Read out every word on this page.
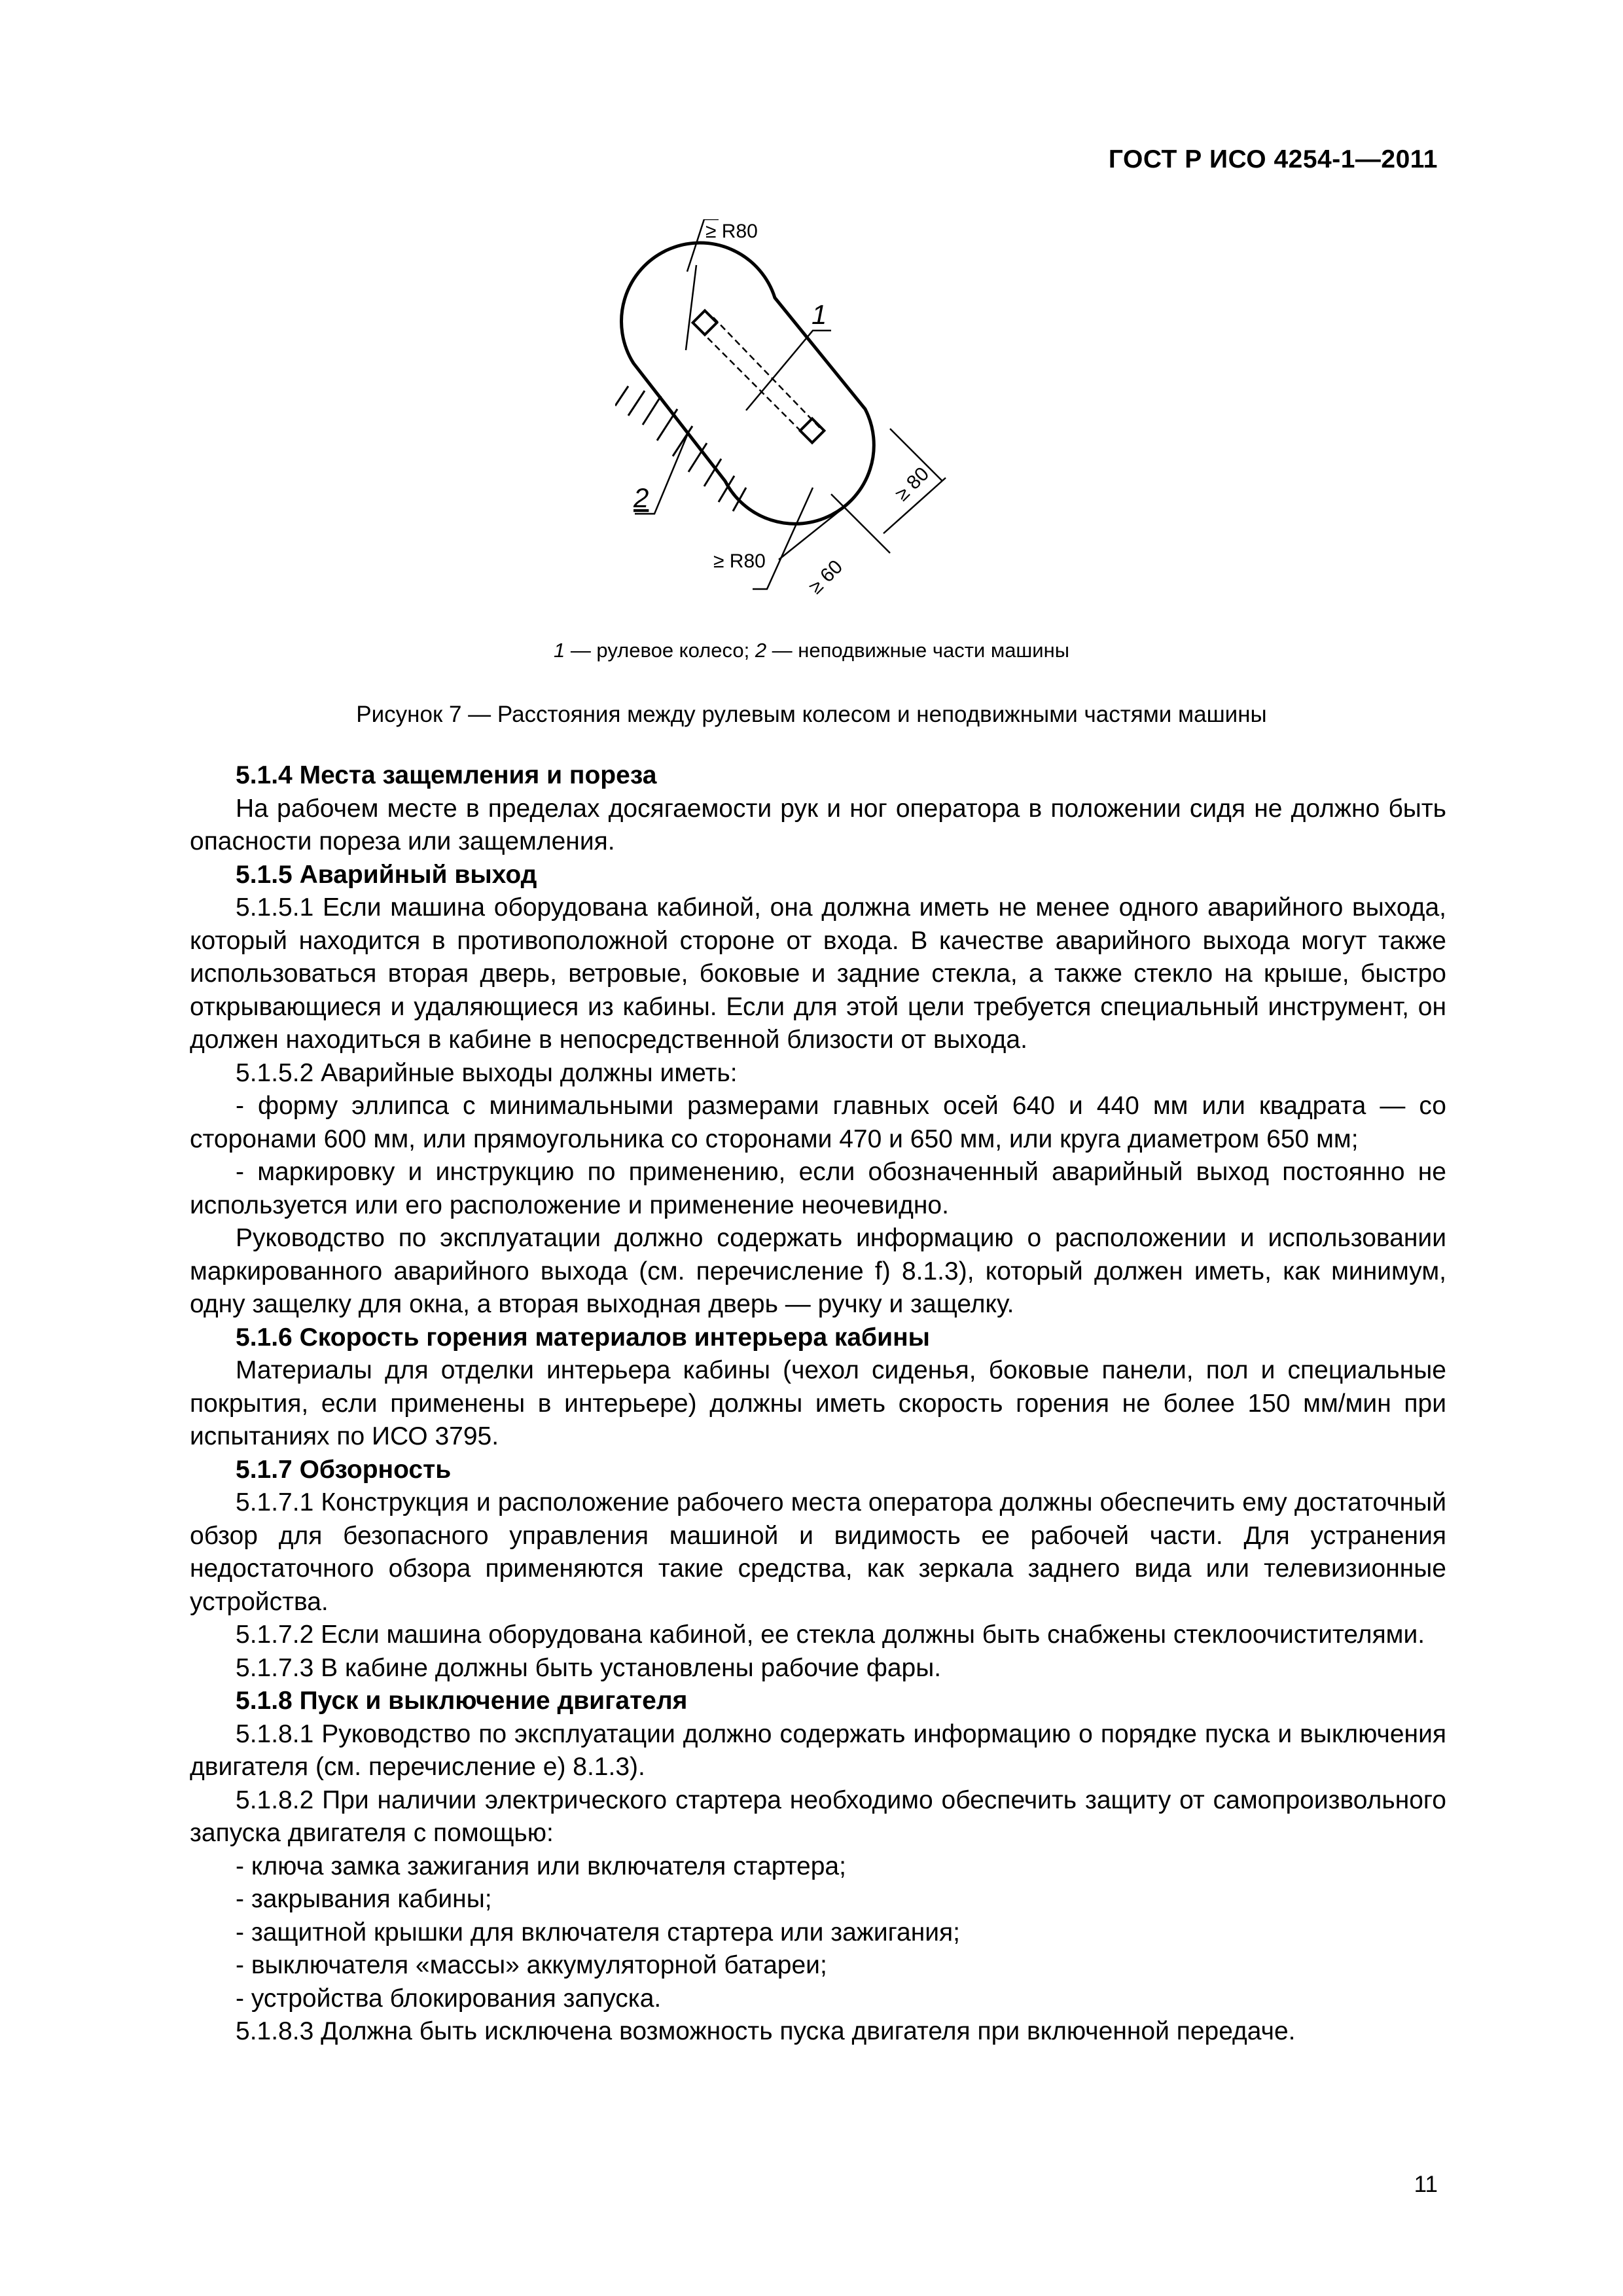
ГОСТ Р ИСО 4254-1—2011
≥ R80
1
2
≥ R80
≥ 80
≥ 60
1 — рулевое колесо; 2 — неподвижные части машины
Рисунок 7 — Расстояния между рулевым колесом и неподвижными частями машины

5.1.4 Места защемления и пореза

На рабочем месте в пределах досягаемости рук и ног оператора в положении сидя не должно быть опасности пореза или защемления.

5.1.5 Аварийный выход

5.1.5.1 Если машина оборудована кабиной, она должна иметь не менее одного аварийного выхода, который находится в противоположной стороне от входа. В качестве аварийного выхода могут также использоваться вторая дверь, ветровые, боковые и задние стекла, а также стекло на крыше, быстро открывающиеся и удаляющиеся из кабины. Если для этой цели требуется специальный инструмент, он должен находиться в кабине в непосредственной близости от выхода.

5.1.5.2 Аварийные выходы должны иметь:

- форму эллипса с минимальными размерами главных осей 640 и 440 мм или квадрата — со сторонами 600 мм, или прямоугольника со сторонами 470 и 650 мм, или круга диаметром 650 мм;

- маркировку и инструкцию по применению, если обозначенный аварийный выход постоянно не используется или его расположение и применение неочевидно.

Руководство по эксплуатации должно содержать информацию о расположении и использовании маркированного аварийного выхода (см. перечисление f) 8.1.3), который должен иметь, как минимум, одну защелку для окна, а вторая выходная дверь — ручку и защелку.

5.1.6 Скорость горения материалов интерьера кабины

Материалы для отделки интерьера кабины (чехол сиденья, боковые панели, пол и специальные покрытия, если применены в интерьере) должны иметь скорость горения не более 150 мм/мин при испытаниях по ИСО 3795.

5.1.7 Обзорность

5.1.7.1 Конструкция и расположение рабочего места оператора должны обеспечить ему достаточный обзор для безопасного управления машиной и видимость ее рабочей части. Для устранения недостаточного обзора применяются такие средства, как зеркала заднего вида или телевизионные устройства.

5.1.7.2 Если машина оборудована кабиной, ее стекла должны быть снабжены стеклоочистителями.

5.1.7.3 В кабине должны быть установлены рабочие фары.

5.1.8 Пуск и выключение двигателя

5.1.8.1 Руководство по эксплуатации должно содержать информацию о порядке пуска и выключения двигателя (см. перечисление e) 8.1.3).

5.1.8.2 При наличии электрического стартера необходимо обеспечить защиту от самопроизвольного запуска двигателя с помощью:

- ключа замка зажигания или включателя стартера;

- закрывания кабины;

- защитной крышки для включателя стартера или зажигания;

- выключателя «массы» аккумуляторной батареи;

- устройства блокирования запуска.

5.1.8.3 Должна быть исключена возможность пуска двигателя при включенной передаче.

11
